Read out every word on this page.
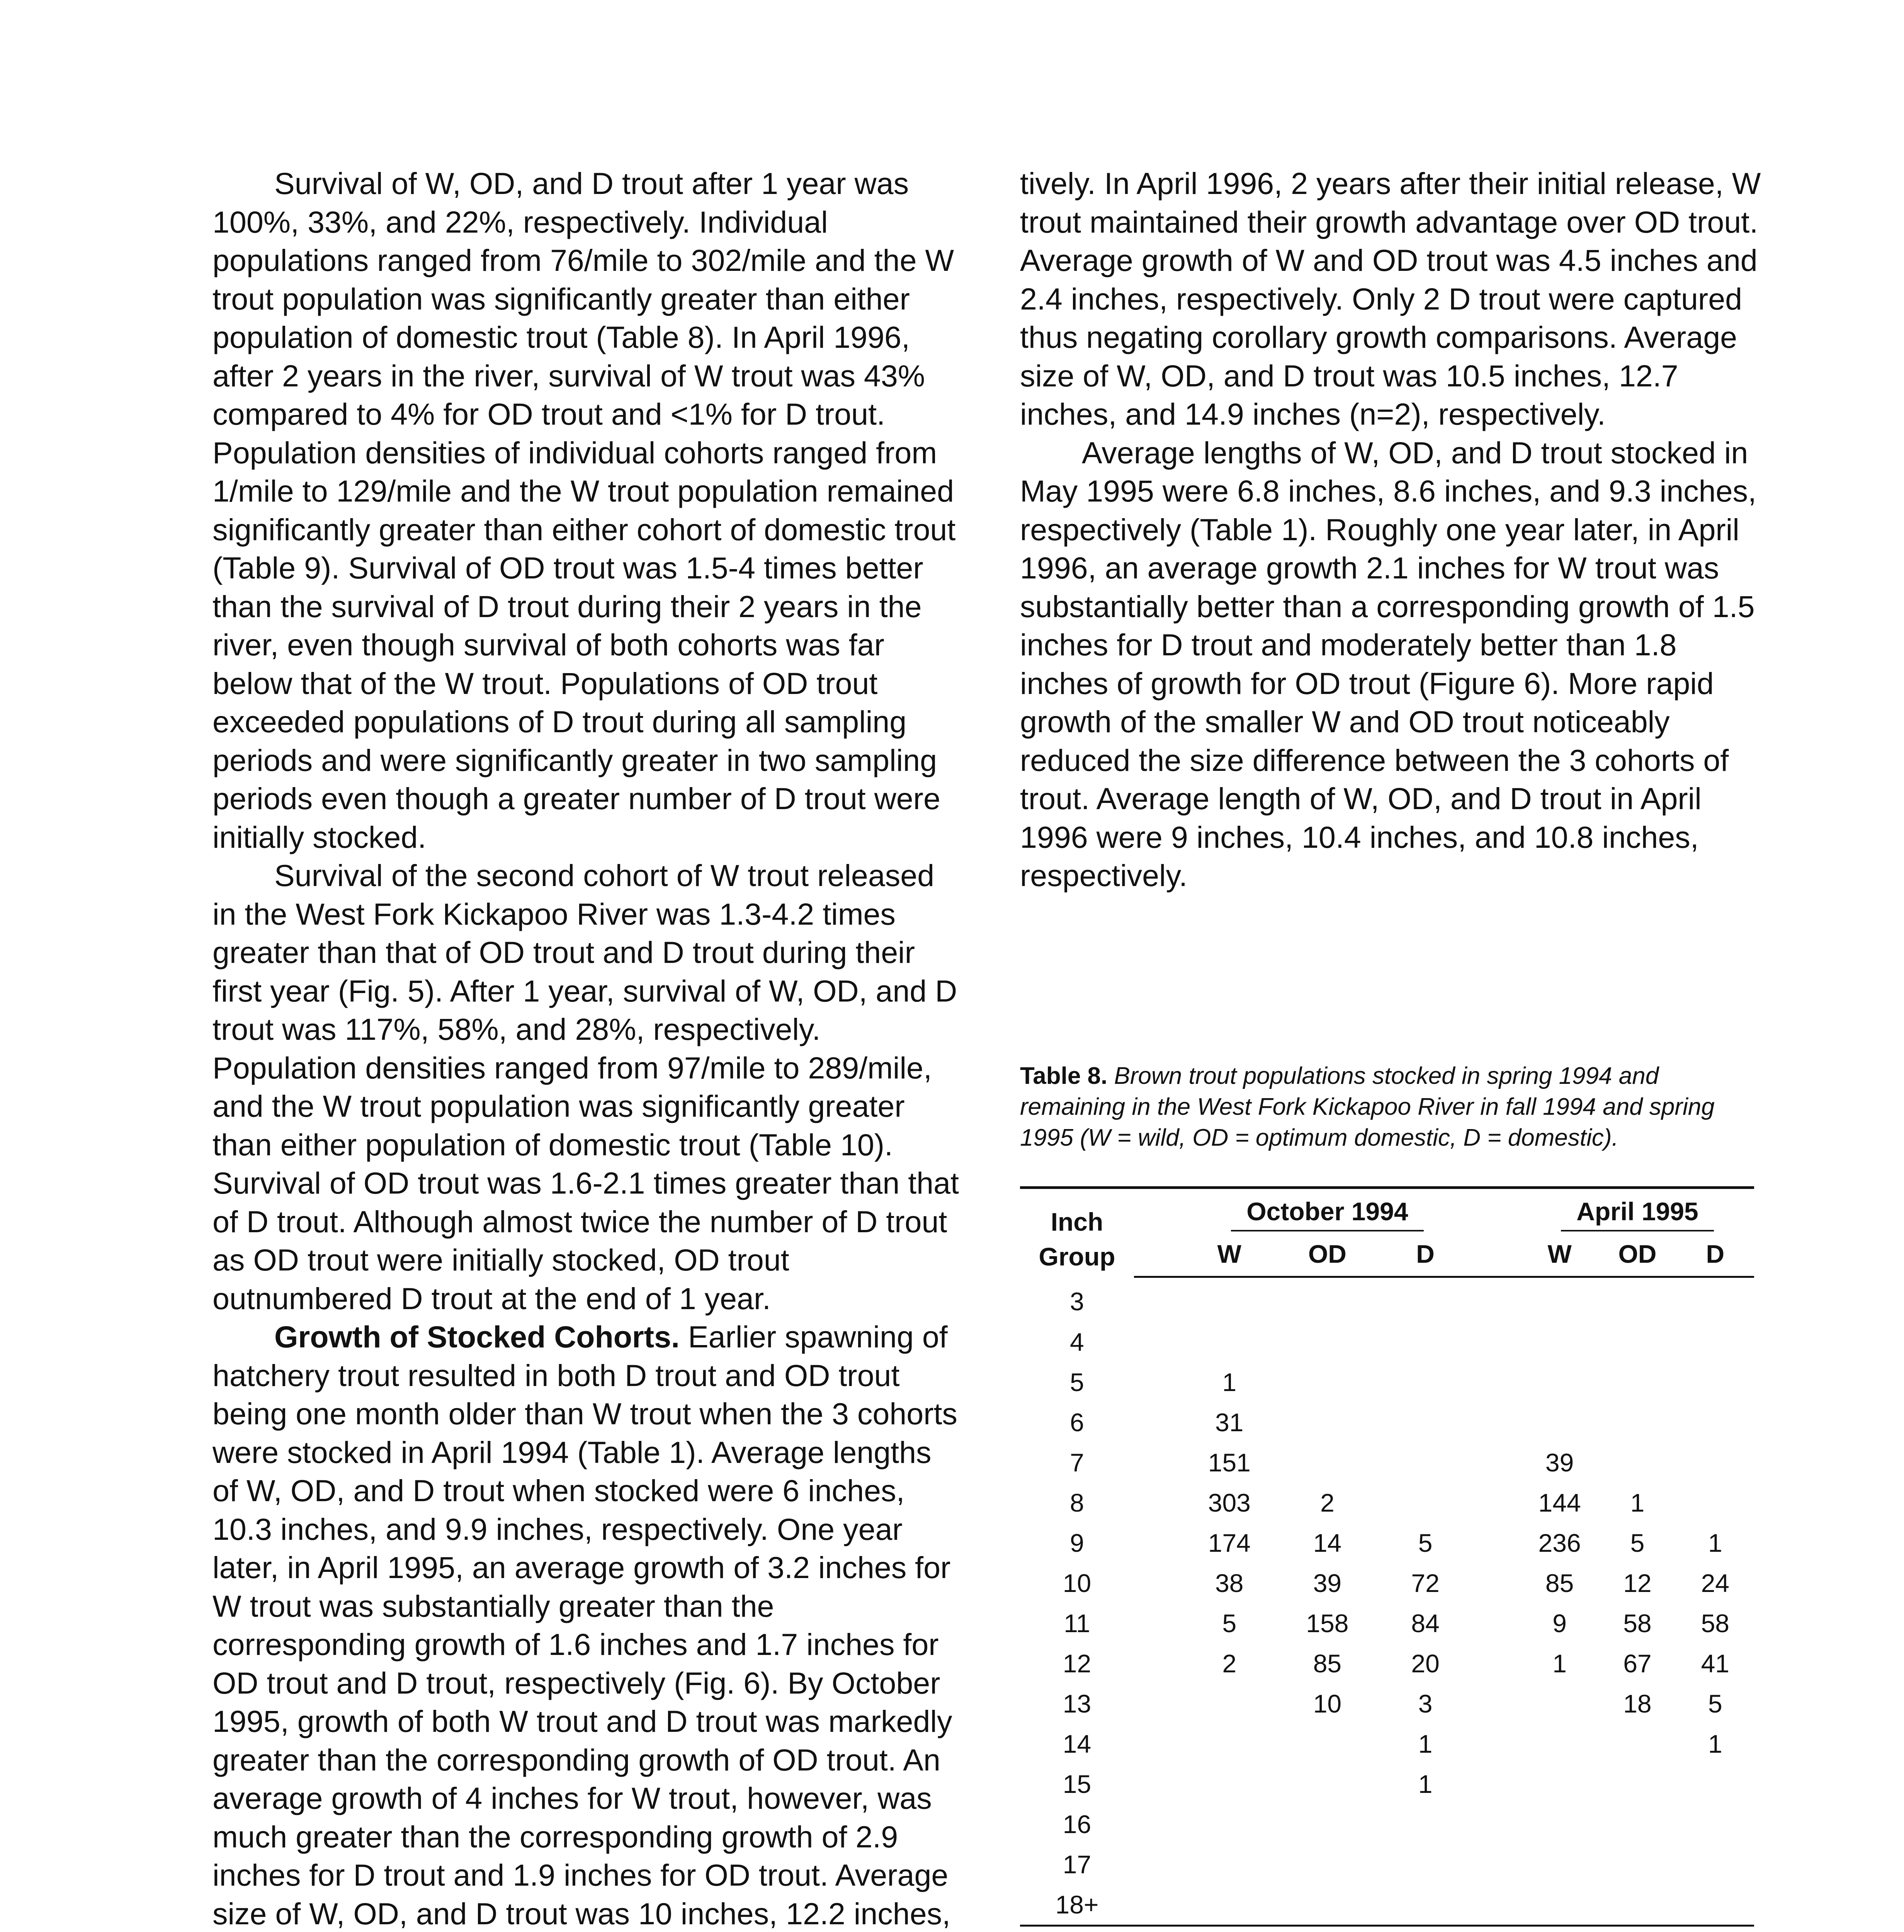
Survival of W, OD, and D trout after 1 year was 100%, 33%, and 22%, respectively. Individual populations ranged from 76/mile to 302/mile and the W trout population was significantly greater than either population of domestic trout (Table 8). In April 1996, after 2 years in the river, survival of W trout was 43% compared to 4% for OD trout and <1% for D trout. Population densities of individual cohorts ranged from 1/mile to 129/mile and the W trout population remained significantly greater than either cohort of domestic trout (Table 9). Survival of OD trout was 1.5-4 times better than the survival of D trout during their 2 years in the river, even though survival of both cohorts was far below that of the W trout. Populations of OD trout exceeded populations of D trout during all sampling periods and were significantly greater in two sampling periods even though a greater number of D trout were initially stocked.

Survival of the second cohort of W trout released in the West Fork Kickapoo River was 1.3-4.2 times greater than that of OD trout and D trout during their first year (Fig. 5). After 1 year, survival of W, OD, and D trout was 117%, 58%, and 28%, respectively. Population densities ranged from 97/mile to 289/mile, and the W trout population was significantly greater than either population of domestic trout (Table 10). Survival of OD trout was 1.6-2.1 times greater than that of D trout. Although almost twice the number of D trout as OD trout were initially stocked, OD trout outnumbered D trout at the end of 1 year.

Growth of Stocked Cohorts. Earlier spawning of hatchery trout resulted in both D trout and OD trout being one month older than W trout when the 3 cohorts were stocked in April 1994 (Table 1). Average lengths of W, OD, and D trout when stocked were 6 inches, 10.3 inches, and 9.9 inches, respectively. One year later, in April 1995, an average growth of 3.2 inches for W trout was substantially greater than the corresponding growth of 1.6 inches and 1.7 inches for OD trout and D trout, respectively (Fig. 6). By October 1995, growth of both W trout and D trout was markedly greater than the corresponding growth of OD trout. An average growth of 4 inches for W trout, however, was much greater than the corresponding growth of 2.9 inches for D trout and 1.9 inches for OD trout. Average size of W, OD, and D trout was 10 inches, 12.2 inches,

tively. In April 1996, 2 years after their initial release, W trout maintained their growth advantage over OD trout. Average growth of W and OD trout was 4.5 inches and 2.4 inches, respectively. Only 2 D trout were captured thus negating corollary growth comparisons. Average size of W, OD, and D trout was 10.5 inches, 12.7 inches, and 14.9 inches (n=2), respectively.

Average lengths of W, OD, and D trout stocked in May 1995 were 6.8 inches, 8.6 inches, and 9.3 inches, respectively (Table 1). Roughly one year later, in April 1996, an average growth 2.1 inches for W trout was substantially better than a corresponding growth of 1.5 inches for D trout and moderately better than 1.8 inches of growth for OD trout (Figure 6). More rapid growth of the smaller W and OD trout noticeably reduced the size difference between the 3 cohorts of trout. Average length of W, OD, and D trout in April 1996 were 9 inches, 10.4 inches, and 10.8 inches, respectively.

Table 8. Brown trout populations stocked in spring 1994 and remaining in the West Fork Kickapoo River in fall 1994 and spring 1995 (W = wild, OD = optimum domestic, D = domestic).

Inch
Group		October 1994				April 1995		
		W	OD	D		W	OD	D
3								
4								
5		1						
6		31						
7		151				39		
8		303	2			144	1	
9		174	14	5		236	5	1
10		38	39	72		85	12	24
11		5	158	84		9	58	58
12		2	85	20		1	67	41
13			10	3			18	5
14				1				1
15				1				
16								
17								
18+								
